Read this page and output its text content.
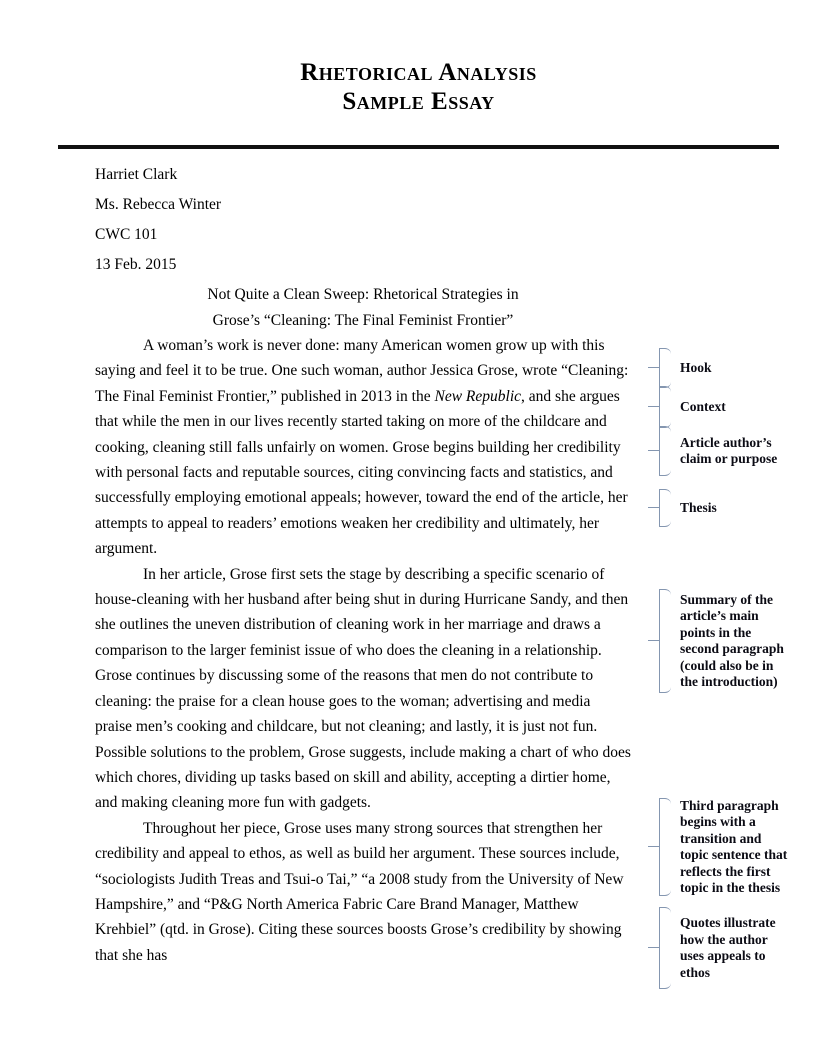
Rhetorical Analysis
Sample Essay
Harriet Clark
Ms. Rebecca Winter
CWC 101
13 Feb. 2015
Not Quite a Clean Sweep: Rhetorical Strategies in
Grose’s “Cleaning: The Final Feminist Frontier”

A woman’s work is never done: many American women grow up with this saying and feel it to be true. One such woman, author Jessica Grose, wrote “Cleaning: The Final Feminist Frontier,” published in 2013 in the New Republic, and she argues that while the men in our lives recently started taking on more of the childcare and cooking, cleaning still falls unfairly on women. Grose begins building her credibility with personal facts and reputable sources, citing convincing facts and statistics, and successfully employing emotional appeals; however, toward the end of the article, her attempts to appeal to readers’ emotions weaken her credibility and ultimately, her argument.

In her article, Grose first sets the stage by describing a specific scenario of house-cleaning with her husband after being shut in during Hurricane Sandy, and then she outlines the uneven distribution of cleaning work in her marriage and draws a comparison to the larger feminist issue of who does the cleaning in a relationship. Grose continues by discussing some of the reasons that men do not contribute to cleaning: the praise for a clean house goes to the woman; advertising and media praise men’s cooking and childcare, but not cleaning; and lastly, it is just not fun. Possible solutions to the problem, Grose suggests, include making a chart of who does which chores, dividing up tasks based on skill and ability, accepting a dirtier home, and making cleaning more fun with gadgets.

Throughout her piece, Grose uses many strong sources that strengthen her credibility and appeal to ethos, as well as build her argument. These sources include, “sociologists Judith Treas and Tsui-o Tai,” “a 2008 study from the University of New Hampshire,” and “P&G North America Fabric Care Brand Manager, Matthew Krehbiel” (qtd. in Grose). Citing these sources boosts Grose’s credibility by showing that she has

Hook
Context
Article author’s
claim or purpose
Thesis
Summary of the
article’s main
points in the
second paragraph
(could also be in
the introduction)
Third paragraph
begins with a
transition and
topic sentence that
reflects the first
topic in the thesis
Quotes illustrate
how the author
uses appeals to
ethos
